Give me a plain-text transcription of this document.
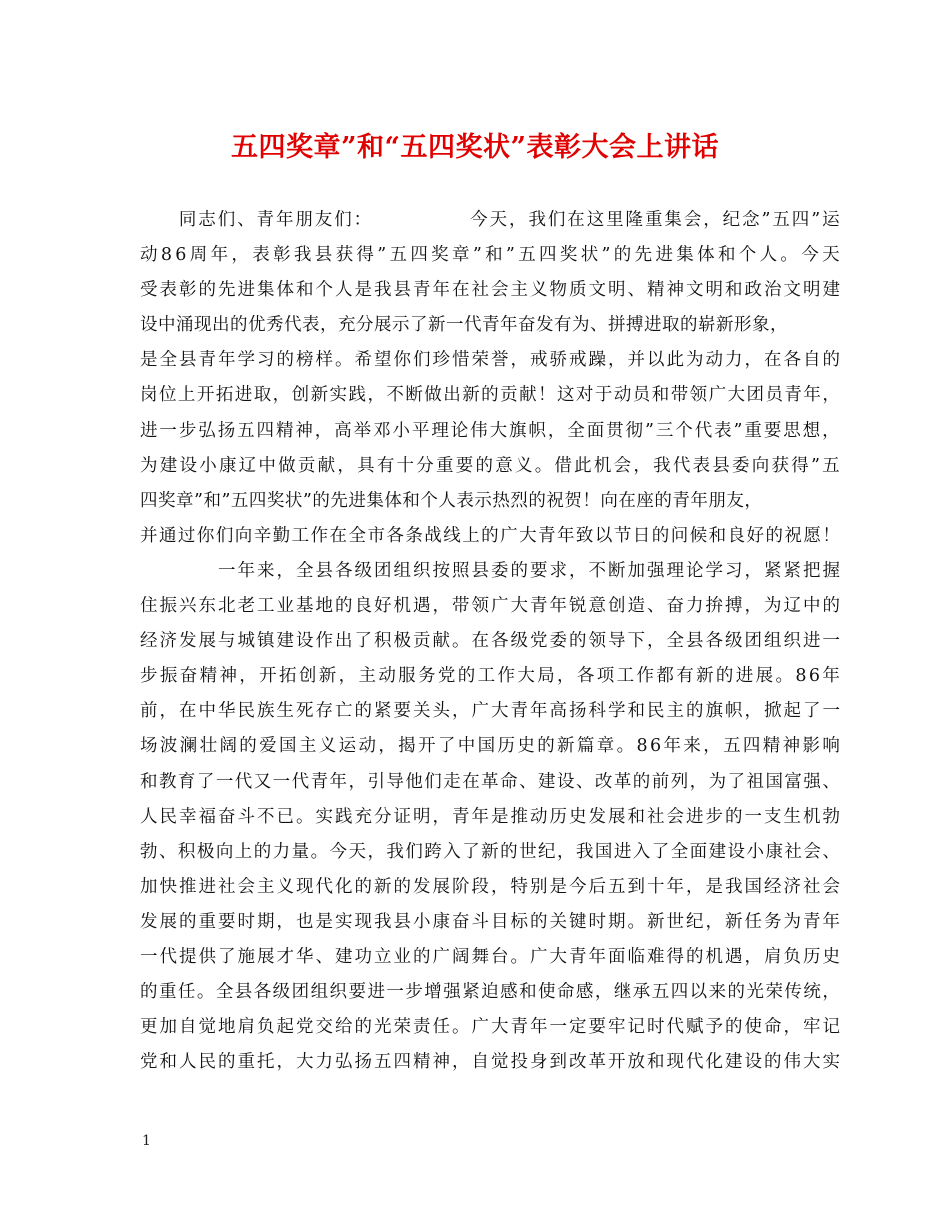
五四奖章”和“五四奖状”表彰大会上讲话

同 志 们 、 青 年 朋 友 们 ：

　	今 天 ， 我 们 在 这 里 隆 重 集 会 ， 纪 念 ” 五 四 ” 运
动 8 6 周 年 ， 表 彰 我 县 获 得 ” 五 四 奖 章 ” 和 ” 五 四 奖 状 ” 的 先 进 集 体 和 个 人 。 今 天
受 表 彰 的 先 进 集 体 和 个 人 是 我 县 青 年 在 社 会 主 义 物 质 文 明 、 精 神 文 明 和 政 治 文 明 建
设 中 涌 现 出 的 优 秀 代 表 ， 充 分 展 示 了 新 一 代 青 年 奋 发 有 为 、 拼 搏 进 取 的 崭 新 形 象 ，
是 全 县 青 年 学 习 的 榜 样 。 希 望 你 们 珍 惜 荣 誉 ， 戒 骄 戒 躁 ， 并 以 此 为 动 力 ， 在 各 自 的
岗 位 上 开 拓 进 取 ， 创 新 实 践 ， 不 断 做 出 新 的 贡 献 ！ 这 对 于 动 员 和 带 领 广 大 团 员 青 年 ，
进 一 步 弘 扬 五 四 精 神 ， 高 举 邓 小 平 理 论 伟 大 旗 帜 ， 全 面 贯 彻 ” 三 个 代 表 ” 重 要 思 想 ，
为 建 设 小 康 辽 中 做 贡 献 ， 具 有 十 分 重 要 的 意 义 。 借 此 机 会 ， 我 代 表 县 委 向 获 得 ” 五
四 奖 章 ” 和 ” 五 四 奖 状 ” 的 先 进 集 体 和 个 人 表 示 热 烈 的 祝 贺 ！ 向 在 座 的 青 年 朋 友 ，
并 通 过 你 们 向 辛 勤 工 作 在 全 市 各 条 战 线 上 的 广 大 青 年 致 以 节 日 的 问 候 和 良 好 的 祝 愿 ！

一 年 来 ， 全 县 各 级 团 组 织 按 照 县 委 的 要 求 ， 不 断 加 强 理 论 学 习 ， 紧 紧 把 握
住 振 兴 东 北 老 工 业 基 地 的 良 好 机 遇 ， 带 领 广 大 青 年 锐 意 创 造 、 奋 力 拚 搏 ， 为 辽 中 的
经 济 发 展 与 城 镇 建 设 作 出 了 积 极 贡 献 。 在 各 级 党 委 的 领 导 下 ， 全 县 各 级 团 组 织 进 一
步 振 奋 精 神 ， 开 拓 创 新 ， 主 动 服 务 党 的 工 作 大 局 ， 各 项 工 作 都 有 新 的 进 展 。 8 6 年
前 ， 在 中 华 民 族 生 死 存 亡 的 紧 要 关 头 ， 广 大 青 年 高 扬 科 学 和 民 主 的 旗 帜 ， 掀 起 了 一
场 波 澜 壮 阔 的 爱 国 主 义 运 动 ， 揭 开 了 中 国 历 史 的 新 篇 章 。 8 6 年 来 ， 五 四 精 神 影 响
和 教 育 了 一 代 又 一 代 青 年 ， 引 导 他 们 走 在 革 命 、 建 设 、 改 革 的 前 列 ， 为 了 祖 国 富 强 、
人 民 幸 福 奋 斗 不 已 。 实 践 充 分 证 明 ， 青 年 是 推 动 历 史 发 展 和 社 会 进 步 的 一 支 生 机 勃
勃 、 积 极 向 上 的 力 量 。 今 天 ， 我 们 跨 入 了 新 的 世 纪 ， 我 国 进 入 了 全 面 建 设 小 康 社 会 、
加 快 推 进 社 会 主 义 现 代 化 的 新 的 发 展 阶 段 ， 特 别 是 今 后 五 到 十 年 ， 是 我 国 经 济 社 会
发 展 的 重 要 时 期 ， 也 是 实 现 我 县 小 康 奋 斗 目 标 的 关 键 时 期 。 新 世 纪 ， 新 任 务 为 青 年
一 代 提 供 了 施 展 才 华 、 建 功 立 业 的 广 阔 舞 台 。 广 大 青 年 面 临 难 得 的 机 遇 ， 肩 负 历 史
的 重 任 。 全 县 各 级 团 组 织 要 进 一 步 增 强 紧 迫 感 和 使 命 感 ， 继 承 五 四 以 来 的 光 荣 传 统 ，
更 加 自 觉 地 肩 负 起 党 交 给 的 光 荣 责 任 。 广 大 青 年 一 定 要 牢 记 时 代 赋 予 的 使 命 ， 牢 记
党 和 人 民 的 重 托 ， 大 力 弘 扬 五 四 精 神 ， 自 觉 投 身 到 改 革 开 放 和 现 代 化 建 设 的 伟 大 实
1
